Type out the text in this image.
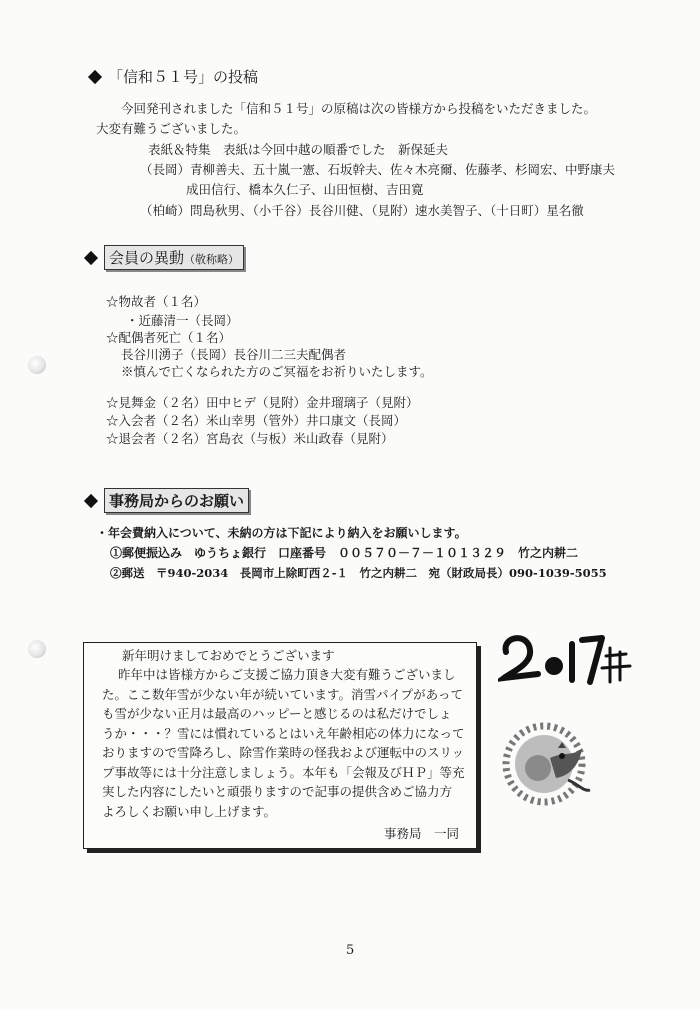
「信和５１号」の投稿
今回発刊されました「信和５１号」の原稿は次の皆様方から投稿をいただきました。
大変有難うございました。
表紙＆特集　表紙は今回中越の順番でした　新保延夫
（長岡）青柳善夫、五十嵐一憲、石坂幹夫、佐々木亮爾、佐藤孝、杉岡宏、中野康夫
成田信行、橋本久仁子、山田恒樹、吉田寛
（柏崎）問島秋男、（小千谷）長谷川健、（見附）速水美智子、（十日町）星名徹
会員の異動（敬称略）
☆物故者（１名）
・近藤清一（長岡）
☆配偶者死亡（１名）
長谷川湧子（長岡）長谷川二三夫配偶者
※慎んで亡くなられた方のご冥福をお祈りいたします。
☆見舞金（２名）田中ヒデ（見附）金井瑠璃子（見附）
☆入会者（２名）米山幸男（管外）井口康文（長岡）
☆退会者（２名）宮島衣（与板）米山政春（見附）
事務局からのお願い
・年会費納入について、未納の方は下記により納入をお願いします。
①郵便振込み　ゆうちょ銀行　口座番号　００５７０－７－１０１３２９　竹之内耕二
②郵送　〒940-2034　長岡市上除町西２-１　竹之内耕二　宛（財政局長）090-1039-5055
新年明けましておめでとうございます
昨年中は皆様方からご支援ご協力頂き大変有難うございまし
た。ここ数年雪が少ない年が続いています。消雪パイプがあって
も雪が少ない正月は最高のハッピーと感じるのは私だけでしょ
うか・・・？雪には慣れているとはいえ年齢相応の体力になって
おりますので雪降ろし、除雪作業時の怪我および運転中のスリッ
プ事故等には十分注意しましょう。本年も「会報及びＨＰ」等充
実した内容にしたいと頑張りますので記事の提供含めご協力方
よろしくお願い申し上げます。
事務局　一同
5
